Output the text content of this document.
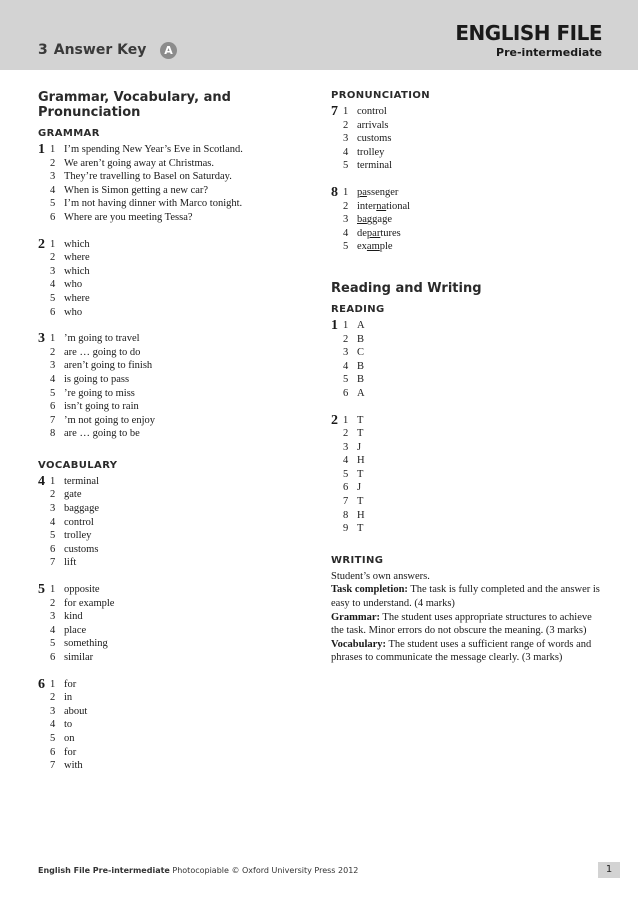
3 Answer Key	A
ENGLISH FILE
Pre-intermediate
Grammar, Vocabulary, and Pronunciation
GRAMMAR
1 1 I’m spending New Year’s Eve in Scotland.
2 We aren’t going away at Christmas.
3 They’re travelling to Basel on Saturday.
4 When is Simon getting a new car?
5 I’m not having dinner with Marco tonight.
6 Where are you meeting Tessa?
2 1 which
2 where
3 which
4 who
5 where
6 who
3 1 ’m going to travel
2 are … going to do
3 aren’t going to finish
4 is going to pass
5 ’re going to miss
6 isn’t going to rain
7 ’m not going to enjoy
8 are … going to be
VOCABULARY
4 1 terminal
2 gate
3 baggage
4 control
5 trolley
6 customs
7 lift
5 1 opposite
2 for example
3 kind
4 place
5 something
6 similar
6 1 for
2 in
3 about
4 to
5 on
6 for
7 with
PRONUNCIATION
7 1 control
2 arrivals
3 customs
4 trolley
5 terminal
8 1 passenger
2 international
3 baggage
4 departures
5 example
Reading and Writing
READING
1 1 A
2 B
3 C
4 B
5 B
6 A
2 1 T
2 T
3 J
4 H
5 T
6 J
7 T
8 H
9 T
WRITING

Student’s own answers.

Task completion: The task is fully completed and the answer is easy to understand. (4 marks)

Grammar: The student uses appropriate structures to achieve the task. Minor errors do not obscure the meaning. (3 marks)

Vocabulary: The student uses a sufficient range of words and phrases to communicate the message clearly. (3 marks)

English File Pre-intermediate Photocopiable © Oxford University Press 2012	1
